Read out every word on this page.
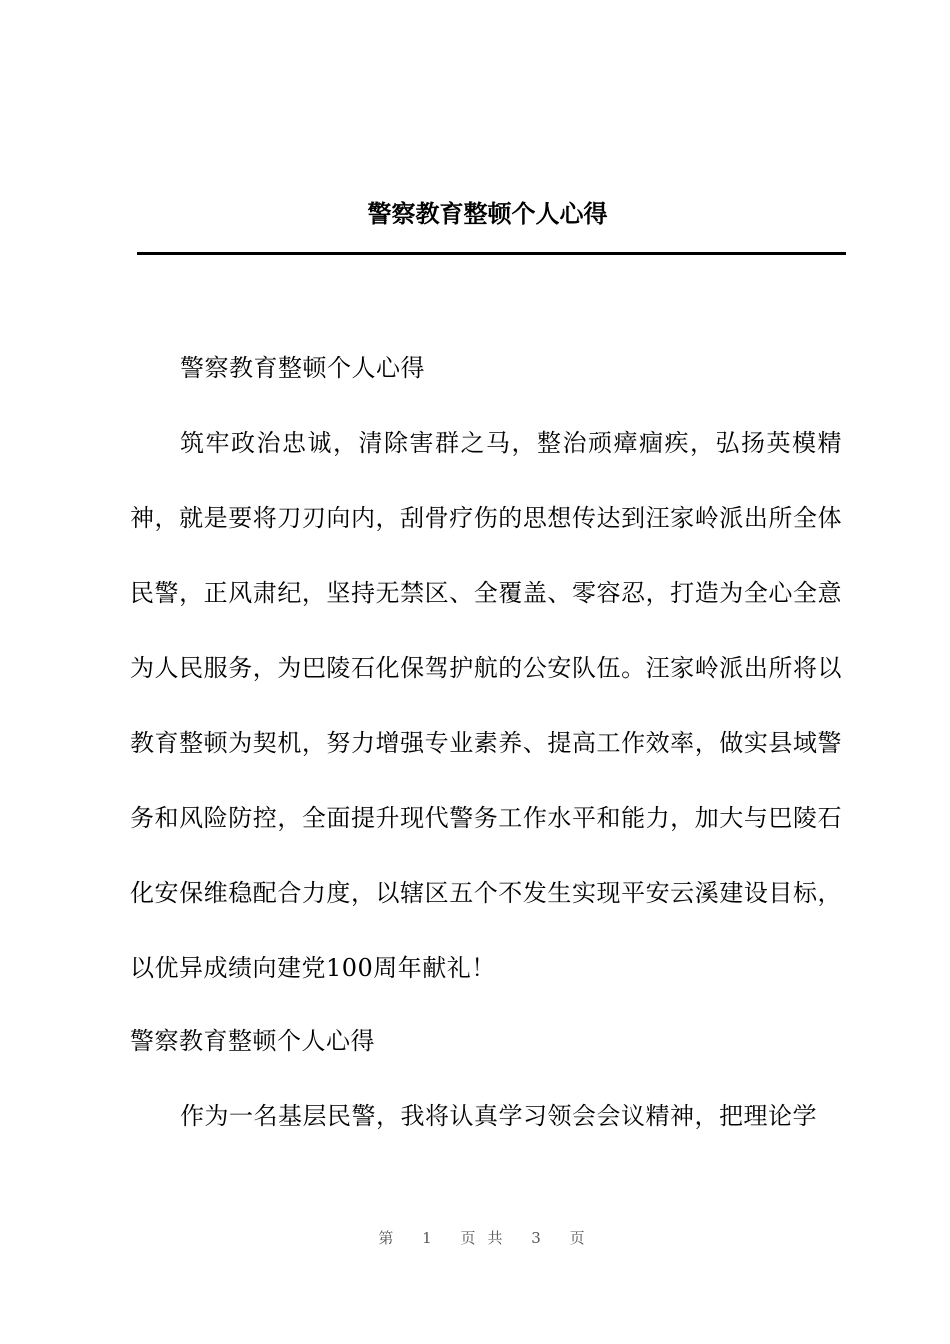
警察教育整顿个人心得

警察教育整顿个人心得

筑牢政治忠诚，清除害群之马，整治顽瘴痼疾，弘扬英模精神，就是要将刀刃向内，刮骨疗伤的思想传达到汪家岭派出所全体民警，正风肃纪，坚持无禁区、全覆盖、零容忍，打造为全心全意为人民服务，为巴陵石化保驾护航的公安队伍。汪家岭派出所将以教育整顿为契机，努力增强专业素养、提高工作效率，做实县域警务和风险防控，全面提升现代警务工作水平和能力，加大与巴陵石化安保维稳配合力度，以辖区五个不发生实现平安云溪建设目标，以优异成绩向建党100周年献礼！

警察教育整顿个人心得

作为一名基层民警，我将认真学习领会会议精神，把理论学

第 1 页共 3 页
